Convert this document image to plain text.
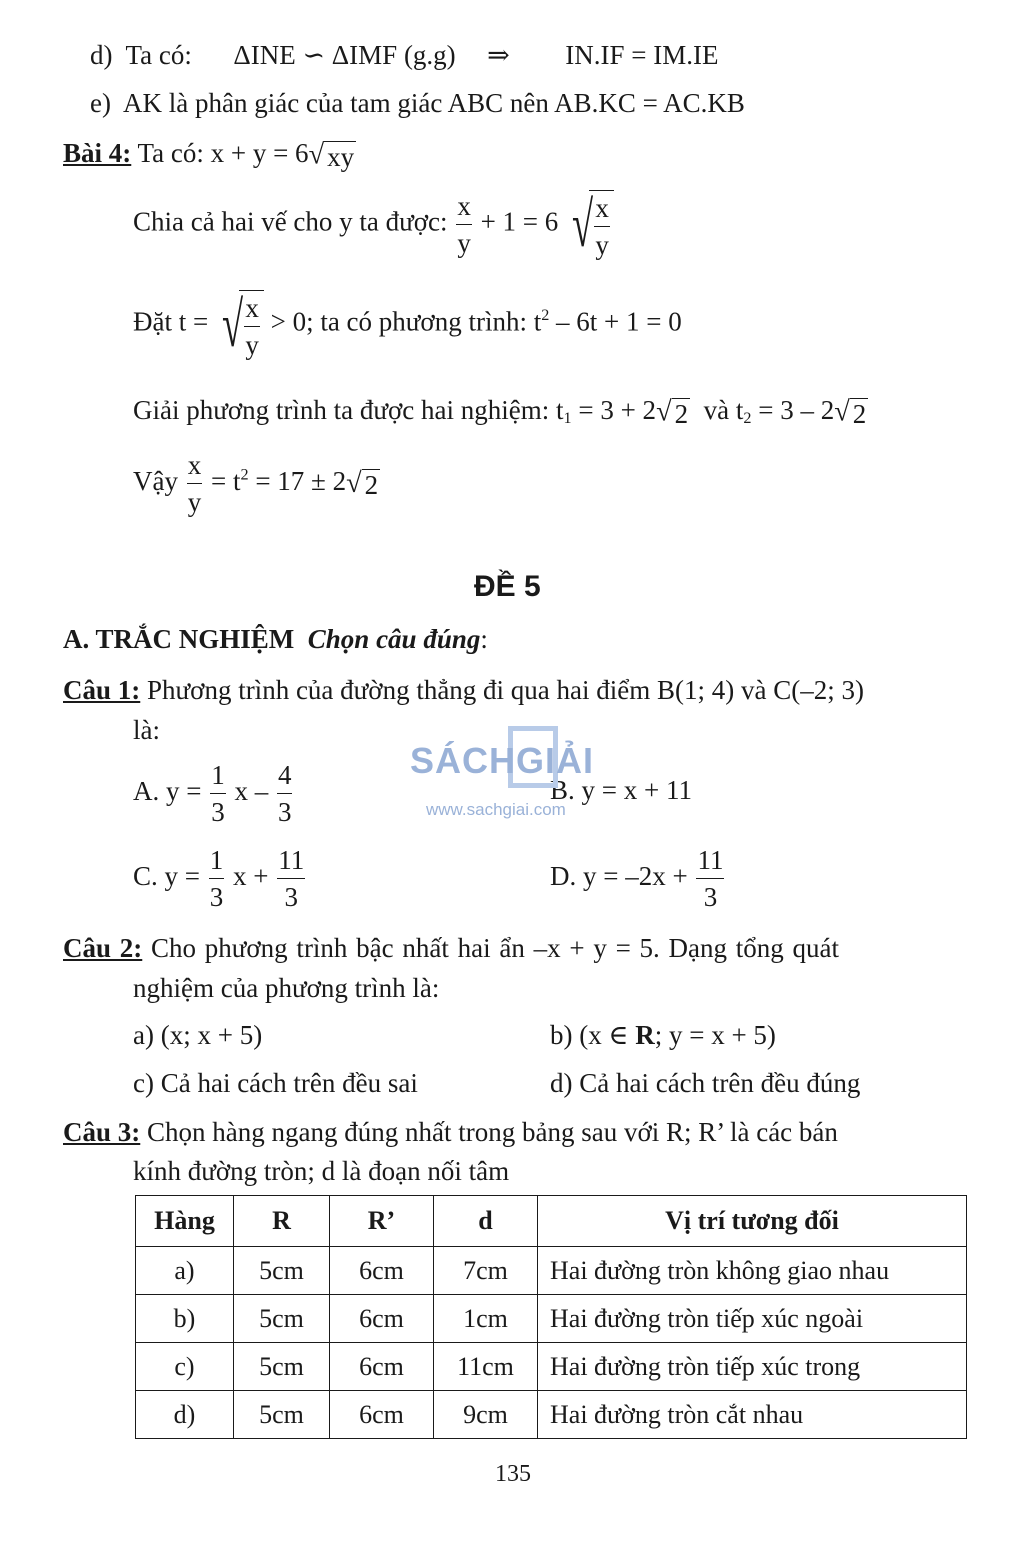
d) Ta có: ΔINE ∽ ΔIMF (g.g) ⇒ IN.IF = IM.IE
e) AK là phân giác của tam giác ABC nên AB.KC = AC.KB
Bài 4: Ta có: x + y = 6√ xy
Chia cả hai vế cho y ta được: $\frac{x}{y} + 1 = 6$ √ $\frac{x}{y}$
Đặt t = √ $\frac{x}{y} > 0$; ta có phương trình: $t^2 - 6t + 1 = 0$
Giải phương trình ta được hai nghiệm: $t_1 = 3 + 2√$ 2 và $t_2 = 3 - 2√$ 2
Vậy $\frac{x}{y} = t^2 = 17 \pm 2√$ 2
ĐỀ 5
A. TRẮC NGHIỆM Chọn câu đúng:
Câu 1: Phương trình của đường thẳng đi qua hai điểm B(1; 4) và C(–2; 3)
là:
A. $y = \frac{1}{3}$ x – $\frac{4}{3}$	B. y = x + 11
C. $y = \frac{1}{3}$ $x + \frac{11}{3}$	D. $y = -2x + \frac{11}{3}$
SÁCHGIẢI
www.sachgiai.com
Câu 2: Cho phương trình bậc nhất hai ẩn –x + y = 5. Dạng tổng quát
nghiệm của phương trình là:
a) (x; x + 5)	b) (x ∈ R; y = x + 5)
c) Cả hai cách trên đều sai	d) Cả hai cách trên đều đúng
Câu 3: Chọn hàng ngang đúng nhất trong bảng sau với R; R’ là các bán
kính đường tròn; d là đoạn nối tâm
Hàng	R	R’	d	Vị trí tương đối
a)	5cm	6cm	7cm	Hai đường tròn không giao nhau
b)	5cm	6cm	1cm	Hai đường tròn tiếp xúc ngoài
c)	5cm	6cm	11cm	Hai đường tròn tiếp xúc trong
d)	5cm	6cm	9cm	Hai đường tròn cắt nhau
135
